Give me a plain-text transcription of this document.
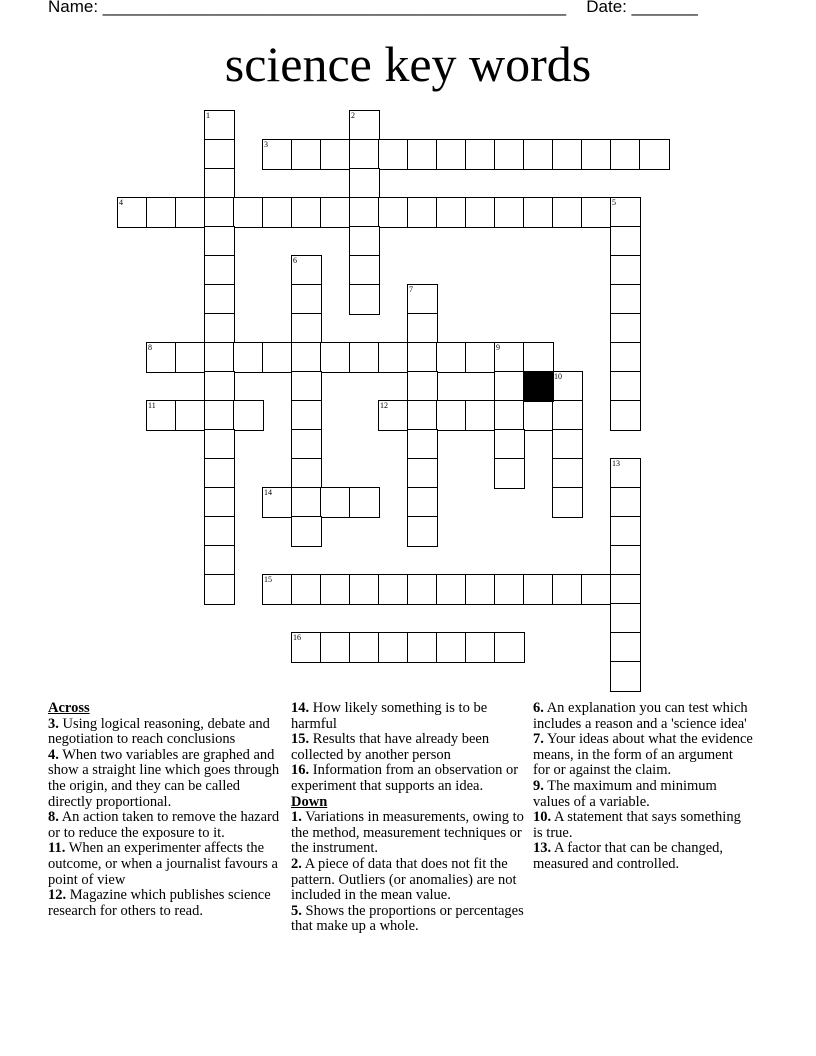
Name: _________________________________________________ Date: _______
science key words
1	2
3
4	5
6
7
8	9
10
11	12
13
14
15
16
Across
3. Using logical reasoning, debate and negotiation to reach conclusions
4. When two variables are graphed and show a straight line which goes through the origin, and they can be called directly proportional.
8. An action taken to remove the hazard or to reduce the exposure to it.
11. When an experimenter affects the outcome, or when a journalist favours a point of view
12. Magazine which publishes science research for others to read.
14. How likely something is to be harmful
15. Results that have already been collected by another person
16. Information from an observation or experiment that supports an idea.
Down
1. Variations in measurements, owing to the method, measurement techniques or the instrument.
2. A piece of data that does not fit the pattern. Outliers (or anomalies) are not included in the mean value.
5. Shows the proportions or percentages that make up a whole.
6. An explanation you can test which includes a reason and a 'science idea'
7. Your ideas about what the evidence means, in the form of an argument for or against the claim.
9. The maximum and minimum values of a variable.
10. A statement that says something is true.
13. A factor that can be changed, measured and controlled.
